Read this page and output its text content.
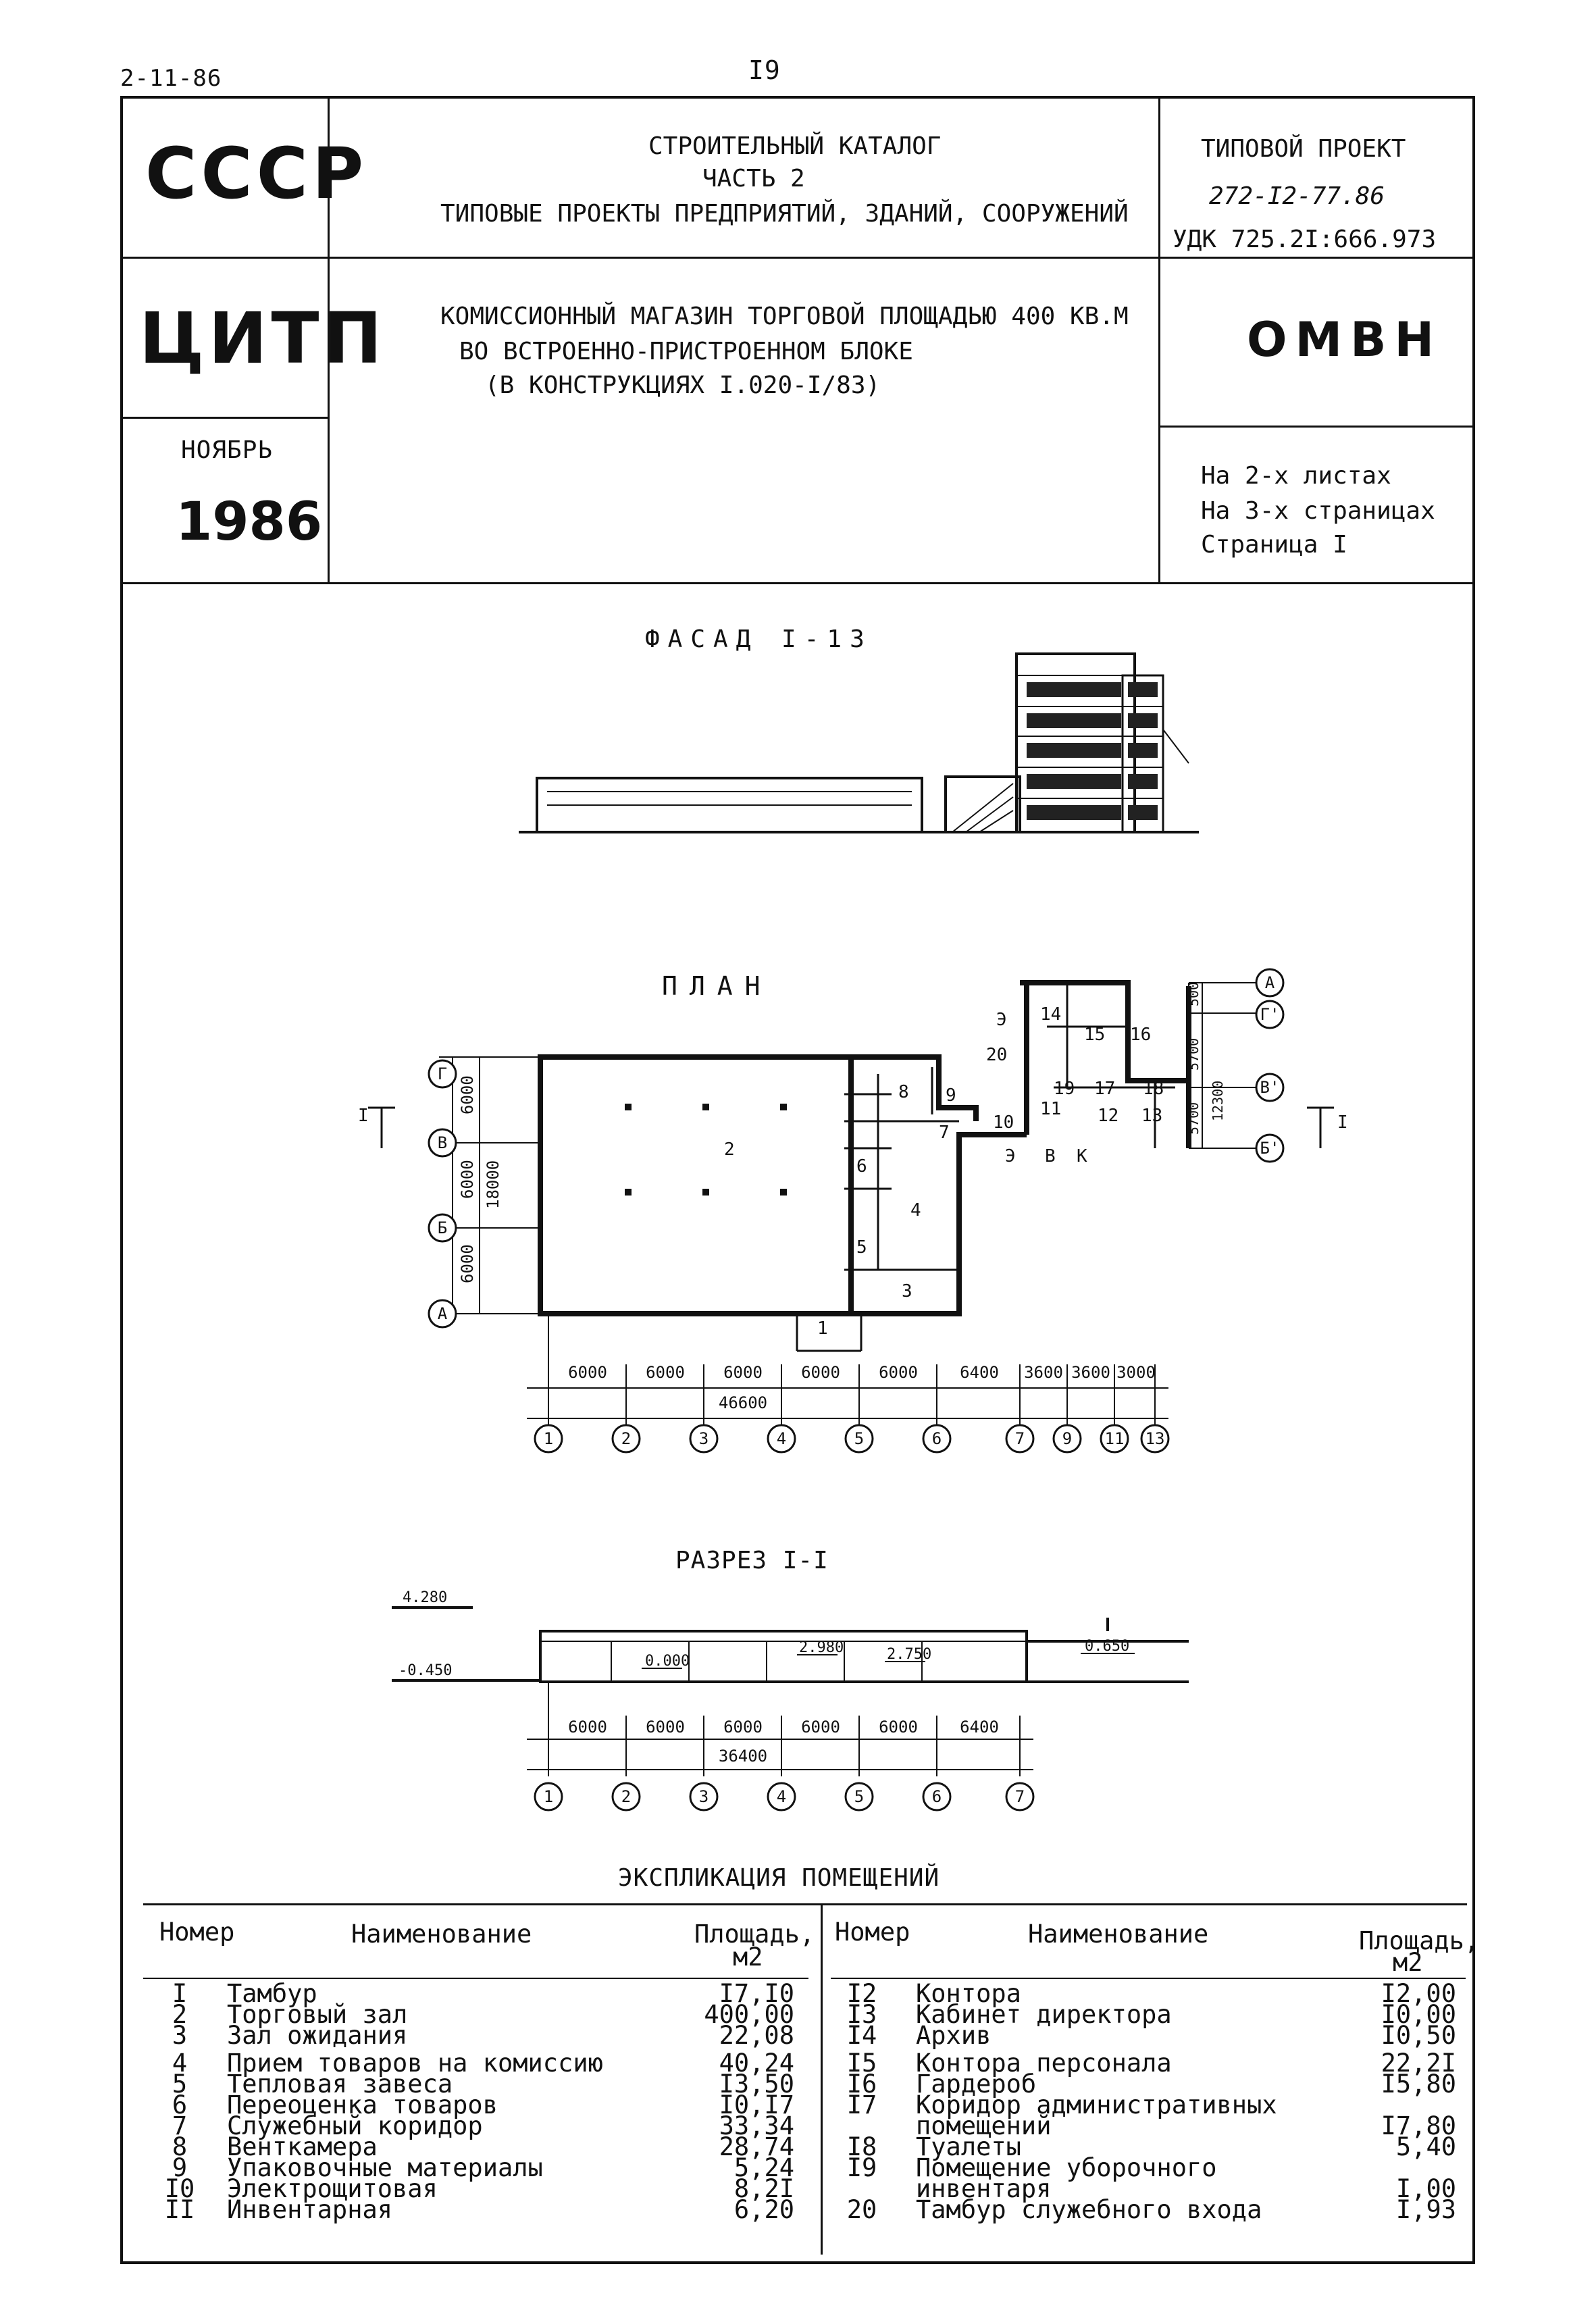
2-11-86	I9
СССР
ЦИТП
НОЯБРЬ
1986
СТРОИТЕЛЬНЫЙ КАТАЛОГ
ЧАСТЬ 2
ТИПОВЫЕ ПРОЕКТЫ ПРЕДПРИЯТИЙ, ЗДАНИЙ, СООРУЖЕНИЙ
КОМИССИОННЫЙ МАГАЗИН ТОРГОВОЙ ПЛОЩАДЬЮ 400 КВ.М
ВО ВСТРОЕННО-ПРИСТРОЕННОМ БЛОКЕ
(В КОНСТРУКЦИЯХ I.020-I/83)
ТИПОВОЙ ПРОЕКТ
272-I2-77.86
УДК 725.2I:666.973
ОМВН
На 2-х листах
На 3-х страницах
Страница I
ФАСАД I-13
ПЛАН
1
2
3
4
5
6
7
8 9
10
11 12 13
14
15 16
17 18
19
20
Э
Э В К
I	I
6000
6000
6000
18000
500
5700
5700 12300
Г
В
Б
А
А
Г'
В'
Б'
6000 6000 6000 6000 6000	6400 3600 3600 3000
46600
1	2	3	4	5	6	7 9 11 13
РАЗРЕЗ I-I
4.280
-0.450
0.000
2.980	2.750	0.650
6000 6000 6000 6000 6000	6400
36400
1	2	3	4	5	6	7
ЭКСПЛИКАЦИЯ ПОМЕЩЕНИЙ
Номер	Наименование	Площадь,
м2
Номер	Наименование	Площадь,
м2
I	Тамбур	I7,I0
2	Торговый зал	400,00
3	Зал ожидания	22,08
4	Прием товаров на комиссию	40,24
5	Тепловая завеса	I3,50
6	Переоценка товаров	I0,I7
7	Служебный коридор	33,34
8	Венткамера	28,74
9	Упаковочные материалы	5,24
I0 Электрощитовая	8,2I
II Инвентарная	6,20
I2	Контора	I2,00
I3	Кабинет директора	I0,00
I4	Архив	I0,50
I5	Контора персонала	22,2I
I6	Гардероб	I5,80
I7	Коридор административных
помещений	I7,80
I8	Туалеты	5,40
I9	Помещение уборочного
инвентаря	I,00
20	Тамбур служебного входа	I,93
